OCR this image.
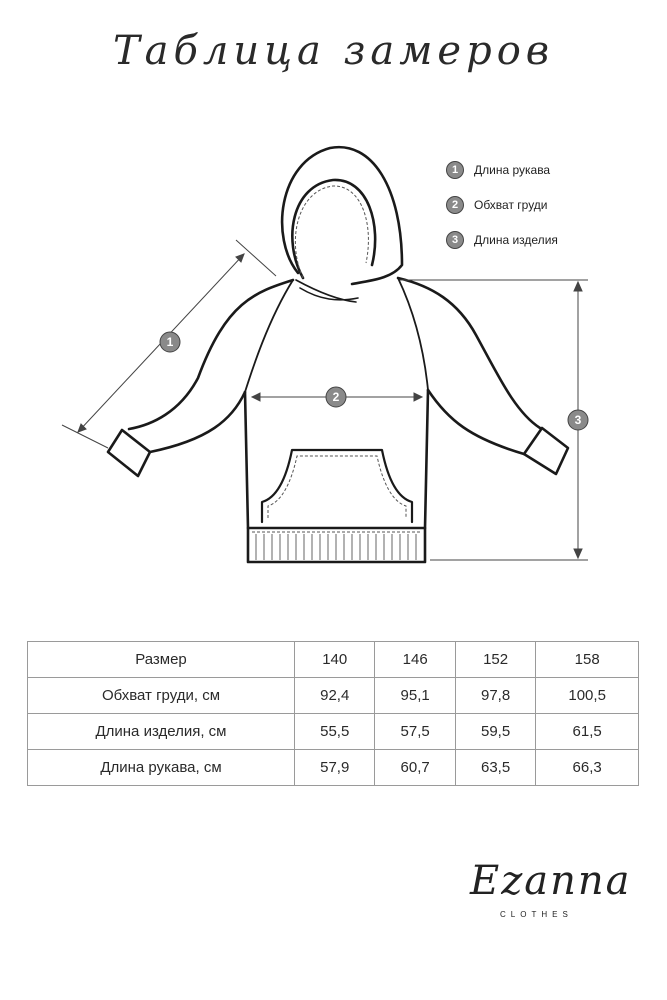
Таблица замеров
1	Длина рукава
2	Обхват груди
3	Длина изделия
1
2
3
Размер	140	146	152	158
Обхват груди, см	92,4	95,1	97,8	100,5
Длина изделия, см	55,5	57,5	59,5	61,5
Длина рукава, см	57,9	60,7	63,5	66,3
Ezanna
CLOTHES
